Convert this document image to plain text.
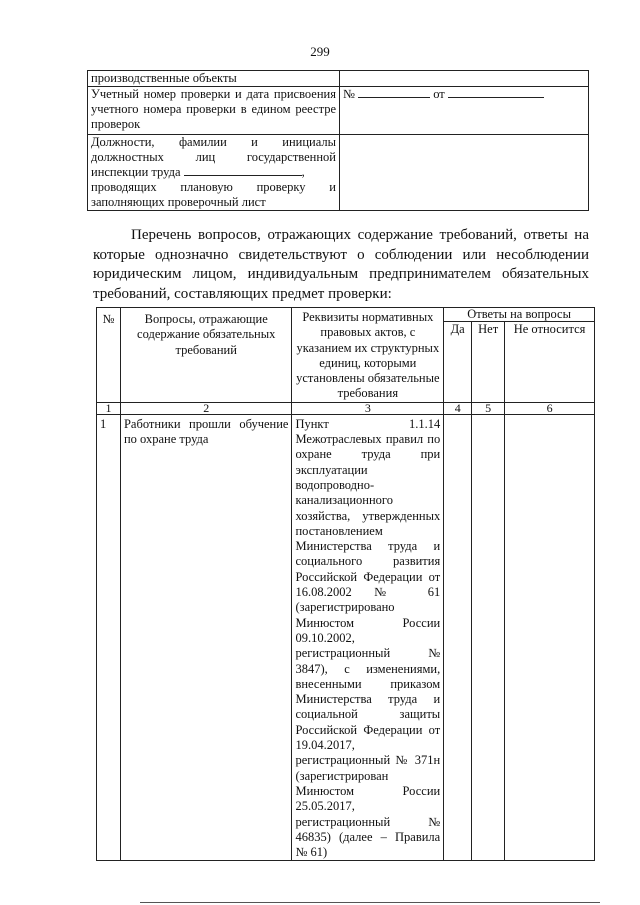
299
производственные объекты	
Учетный номер проверки и дата присвоения учетного номера проверки в едином реестре проверок	№ от

Должности, фамилии и инициалы
должностных лиц государственной
инспекции труда ,
проводящих плановую проверку и
заполняющих проверочный лист	

Перечень вопросов, отражающих содержание требований, ответы на которые однозначно свидетельствуют о соблюдении или несоблюдении юридическим лицом, индивидуальным предпринимателем обязательных требований, составляющих предмет проверки:
№	Вопросы, отражающие содержание обязательных требований	Реквизиты нормативных правовых актов, с указанием их структурных единиц, которыми установлены обязательные требования	Ответы на вопросы		
			Да	Нет	Не относится
1	2	3	4	5	6
1	Работники прошли обучение по охране труда	Пункт 1.1.14 Межотраслевых правил по охране труда при эксплуатации водопроводно-канализационного хозяйства, утвержденных постановлением Министерства труда и социального развития Российской Федерации от 16.08.2002 № 61 (зарегистрировано Минюстом России 09.10.2002, регистрационный № 3847), с изменениями, внесенными приказом Министерства труда и социальной защиты Российской Федерации от 19.04.2017, регистрационный № 371н (зарегистрирован Минюстом России 25.05.2017, регистрационный № 46835) (далее – Правила № 61)			
